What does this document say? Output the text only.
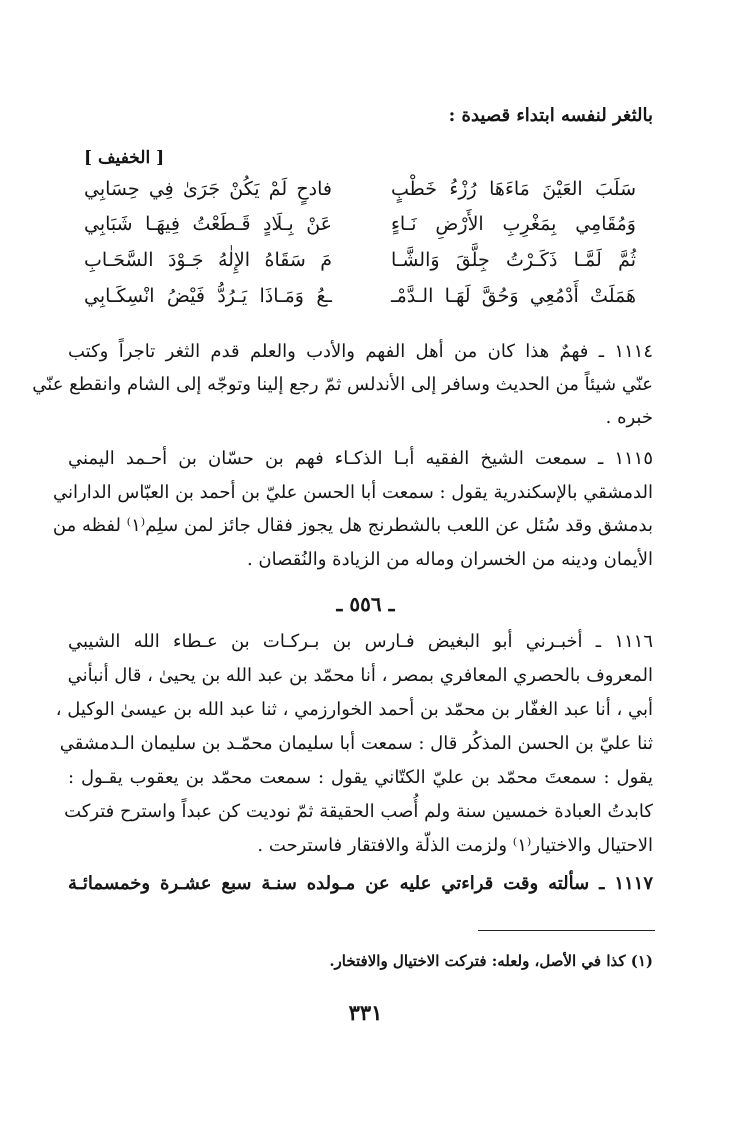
بالثغر لنفسه ابتداء قصيدة :
[ الخفيف ]
سَلَبَ العَيْنَ مَاءَهَا رُزْءُ خَطْبٍ
فادحٍ لَمْ يَكُنْ جَرَىٰ فِي حِسَابِي
وَمُقَامِي بِمَغْرِبِ الأَرْضِ نَـاءٍ
عَنْ بِـلَادٍ قَـطَعْتُ فِيهَـا شَبَابِي
ثُمَّ لَمَّـا ذَكَـرْتُ جِلَّقَ وَالشَّـا
مَ سَقَاهُ الإِلٰهُ جَـوْدَ السَّحَـابِ
هَمَلَتْ أَدْمُعِي وَحُقَّ لَهَـا الـدَّمْـ
ـعُ وَمَـاذَا يَـرُدُّ فَيْضُ انْسِكَـابِي
١١١٤ ـ فهمٌ هذا كان من أهل الفهم والأدب والعلم قدم الثغر تاجراً وكتب
عنّي شيئاً من الحديث وسافر إلى الأندلس ثمّ رجع إلينا وتوجّه إلى الشام وانقطع عنّي
خبره .
١١١٥ ـ سمعت الشيخ الفقيه أبـا الذكـاء فهم بن حسّان بن أحـمد اليمني
الدمشقي بالإسكندرية يقول : سمعت أبا الحسن عليّ بن أحمد بن العبّاس الداراني
بدمشق وقد سُئل عن اللعب بالشطرنج هل يجوز فقال جائز لمن سلِم⁽١⁾ لفظه من
الأيمان ودينه من الخسران وماله من الزيادة والنُقصان .
ـ ٥٥٦ ـ
١١١٦ ـ أخبـرني أبو البغيض فـارس بن بـركـات بن عـطاء الله الشيبي
المعروف بالحصري المعافري بمصر ، أنا محمّد بن عبد الله بن يحيىٰ ، قال أنبأني
أبي ، أنا عبد الغفّار بن محمّد بن أحمد الخوارزمي ، ثنا عبد الله بن عيسىٰ الوكيل ،
ثنا عليّ بن الحسن المذكُر قال : سمعت أبا سليمان محمّـد بن سليمان الـدمشقي
يقول : سمعتَ محمّد بن عليّ الكتّاني يقول : سمعت محمّد بن يعقوب يقـول :
كابدتُ العبادة خمسين سنة ولم أُصب الحقيقة ثمّ نوديت كن عبداً واسترح فتركت
الاحتيال والاختيار⁽١⁾ ولزمت الذلّة والافتقار فاسترحت .
١١١٧ ـ سألته وقت قراءتي عليه عن مـولده سنـة سبع عشـرة وخمسمائـة
(١) كذا في الأصل، ولعله: فتركت الاختيال والافتخار.
٣٣١
